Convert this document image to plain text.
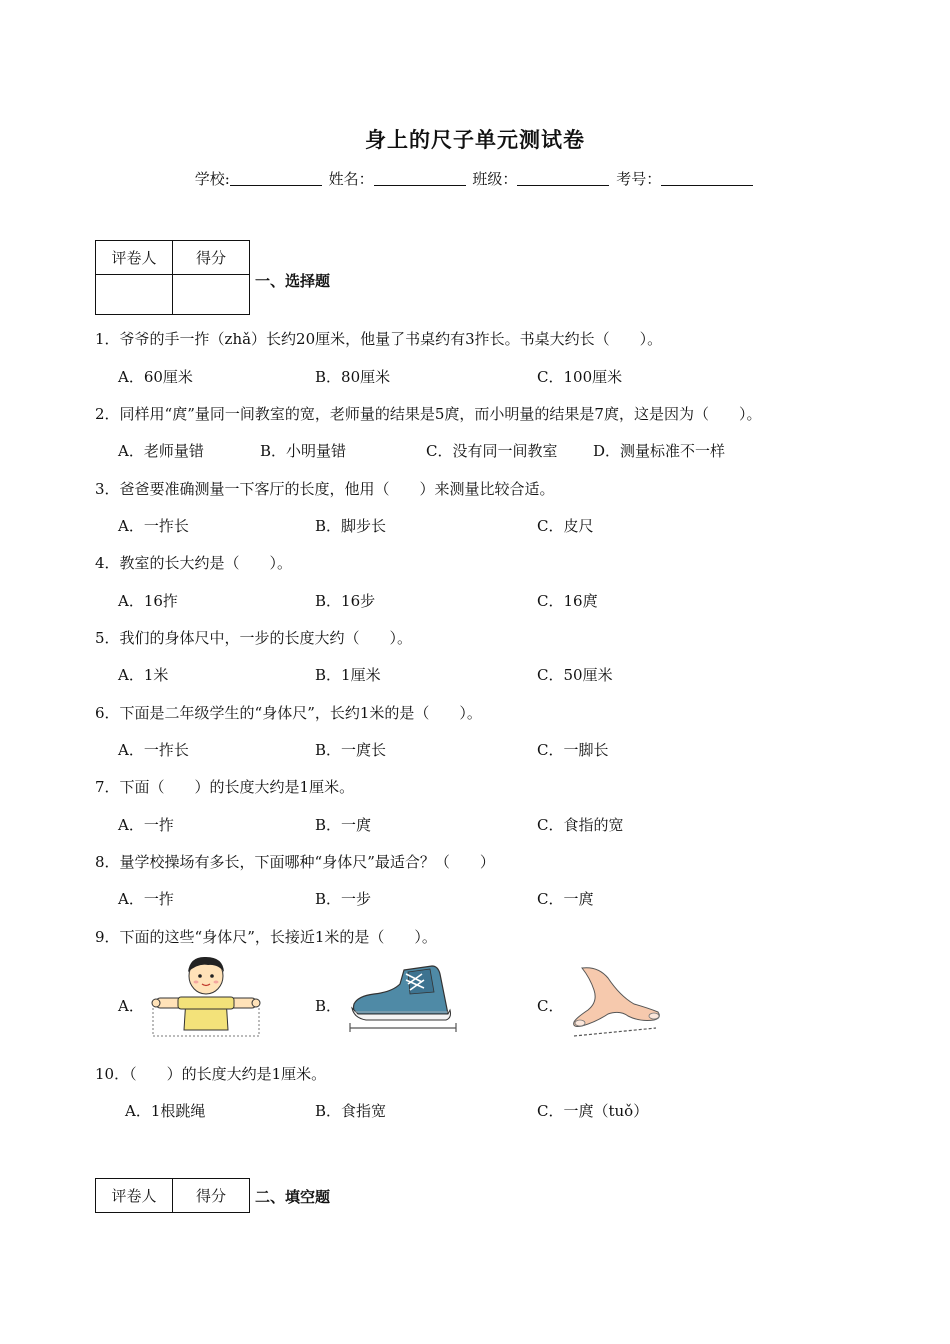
身上的尺子单元测试卷
学校:	姓名：	班级：	考号：
评卷人	得分

一、选择题
1．爷爷的手一拃（zhǎ）长约20厘米，他量了书桌约有3拃长。书桌大约长（　　）。
A．60厘米	B．80厘米	C．100厘米
2．同样用“庹”量同一间教室的宽，老师量的结果是5庹，而小明量的结果是7庹，这是因为（　　）。
A．老师量错	B．小明量错	C．没有同一间教室 D．测量标准不一样
3．爸爸要准确测量一下客厅的长度，他用（　　）来测量比较合适。
A．一拃长	B．脚步长	C．皮尺
4．教室的长大约是（　　）。
A．16拃	B．16步	C．16庹
5．我们的身体尺中，一步的长度大约（　　）。
A．1米	B．1厘米	C．50厘米
6．下面是二年级学生的“身体尺”，长约1米的是（　　）。
A．一拃长	B．一庹长	C．一脚长
7．下面（　　）的长度大约是1厘米。
A．一拃	B．一庹	C．食指的宽
8．量学校操场有多长，下面哪种“身体尺”最适合？（　　）
A．一拃	B．一步	C．一庹
9．下面的这些“身体尺”，长接近1米的是（　　）。
A．	B．	C．
10．（　　）的长度大约是1厘米。
A．1根跳绳	B．食指宽	C．一庹（tuǒ）
评卷人	得分 二、填空题
